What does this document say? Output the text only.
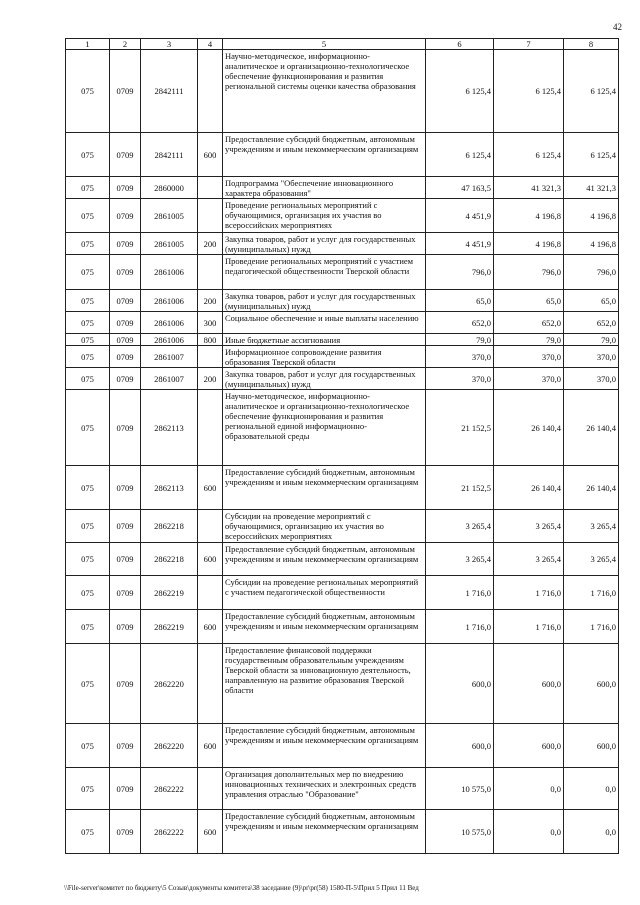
42
1	2	3	4	5	6	7	8
075	0709	2842111		Научно-методическое, информационно-аналитическое и организационно-технологическое обеспечение функционирования и развития региональной системы оценки качества образования	6 125,4	6 125,4	6 125,4
075	0709	2842111	600	Предоставление субсидий бюджетным, автономным учреждениям и иным некоммерческим организациям	6 125,4	6 125,4	6 125,4
075	0709	2860000		Подпрограмма "Обеспечение инновационного характера образования"	47 163,5	41 321,3	41 321,3
075	0709	2861005		Проведение региональных мероприятий с обучающимися, организация их участия во всероссийских мероприятиях	4 451,9	4 196,8	4 196,8
075	0709	2861005	200	Закупка товаров, работ и услуг для государственных (муниципальных) нужд	4 451,9	4 196,8	4 196,8
075	0709	2861006		Проведение региональных мероприятий с участием педагогической общественности Тверской области	796,0	796,0	796,0
075	0709	2861006	200	Закупка товаров, работ и услуг для государственных (муниципальных) нужд	65,0	65,0	65,0
075	0709	2861006	300	Социальное обеспечение и иные выплаты населению	652,0	652,0	652,0
075	0709	2861006	800	Иные бюджетные ассигнования	79,0	79,0	79,0
075	0709	2861007		Информационное сопровождение развития образования Тверской области	370,0	370,0	370,0
075	0709	2861007	200	Закупка товаров, работ и услуг для государственных (муниципальных) нужд	370,0	370,0	370,0
075	0709	2862113		Научно-методическое, информационно-аналитическое и организационно-технологическое обеспечение функционирования и развития региональной единой информационно-образовательной среды	21 152,5	26 140,4	26 140,4
075	0709	2862113	600	Предоставление субсидий бюджетным, автономным учреждениям и иным некоммерческим организациям	21 152,5	26 140,4	26 140,4
075	0709	2862218		Субсидии на проведение мероприятий с обучающимися, организацию их участия во всероссийских мероприятиях	3 265,4	3 265,4	3 265,4
075	0709	2862218	600	Предоставление субсидий бюджетным, автономным учреждениям и иным некоммерческим организациям	3 265,4	3 265,4	3 265,4
075	0709	2862219		Субсидии на проведение региональных мероприятий с участием педагогической общественности	1 716,0	1 716,0	1 716,0
075	0709	2862219	600	Предоставление субсидий бюджетным, автономным учреждениям и иным некоммерческим организациям	1 716,0	1 716,0	1 716,0
075	0709	2862220		Предоставление финансовой поддержки государственным образовательным учреждениям Тверской области за инновационную деятельность, направленную на развитие образования Тверской области	600,0	600,0	600,0
075	0709	2862220	600	Предоставление субсидий бюджетным, автономным учреждениям и иным некоммерческим организациям	600,0	600,0	600,0
075	0709	2862222		Организация дополнительных мер по внедрению инновационных технических и электронных средств управления отраслью "Образование"	10 575,0	0,0	0,0
075	0709	2862222	600	Предоставление субсидий бюджетным, автономным учреждениям и иным некоммерческим организациям	10 575,0	0,0	0,0
\\File-server\комитет по бюджету\5 Созыв\документы комитета\38 заседание (9)\pr\pr(58) 1580-П-5\Прил 5 Прил 11 Вед
